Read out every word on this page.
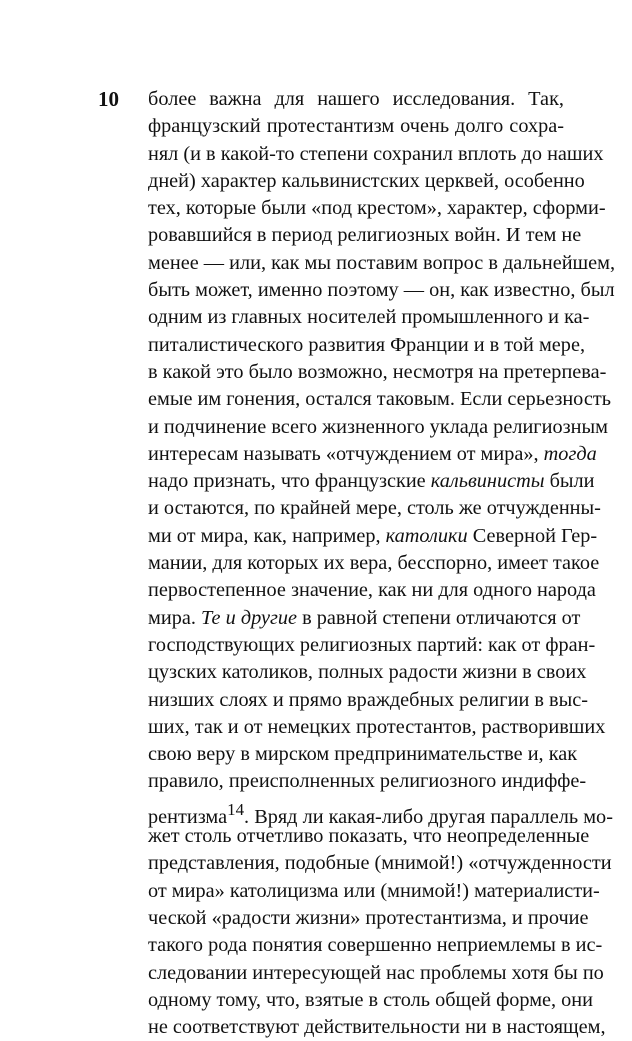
10 более важна для нашего исследования. Так,
французский протестантизм очень долго сохра-
нял (и в какой-то степени сохранил вплоть до наших
дней) характер кальвинистских церквей, особенно
тех, которые были «под крестом», характер, сформи-
ровавшийся в период религиозных войн. И тем не
менее — или, как мы поставим вопрос в дальнейшем,
быть может, именно поэтому — он, как известно, был
одним из главных носителей промышленного и ка-
питалистического развития Франции и в той мере,
в какой это было возможно, несмотря на претерпева-
емые им гонения, остался таковым. Если серьезность
и подчинение всего жизненного уклада религиозным
интересам называть «отчуждением от мира», тогда
надо признать, что французские кальвинисты были
и остаются, по крайней мере, столь же отчужденны-
ми от мира, как, например, католики Северной Гер-
мании, для которых их вера, бесспорно, имеет такое
первостепенное значение, как ни для одного народа
мира. Те и другие в равной степени отличаются от
господствующих религиозных партий: как от фран-
цузских католиков, полных радости жизни в своих
низших слоях и прямо враждебных религии в выс-
ших, так и от немецких протестантов, растворивших
свою веру в мирском предпринимательстве и, как
правило, преисполненных религиозного индиффе-
рентизма$^{14}$. Вряд ли какая-либо другая параллель мо-
жет столь отчетливо показать, что неопределенные
представления, подобные (мнимой!) «отчужденности
от мира» католицизма или (мнимой!) материалисти-
ческой «радости жизни» протестантизма, и прочие
такого рода понятия совершенно неприемлемы в ис-
следовании интересующей нас проблемы хотя бы по
одному тому, что, взятые в столь общей форме, они
не соответствуют действительности ни в настоящем,
